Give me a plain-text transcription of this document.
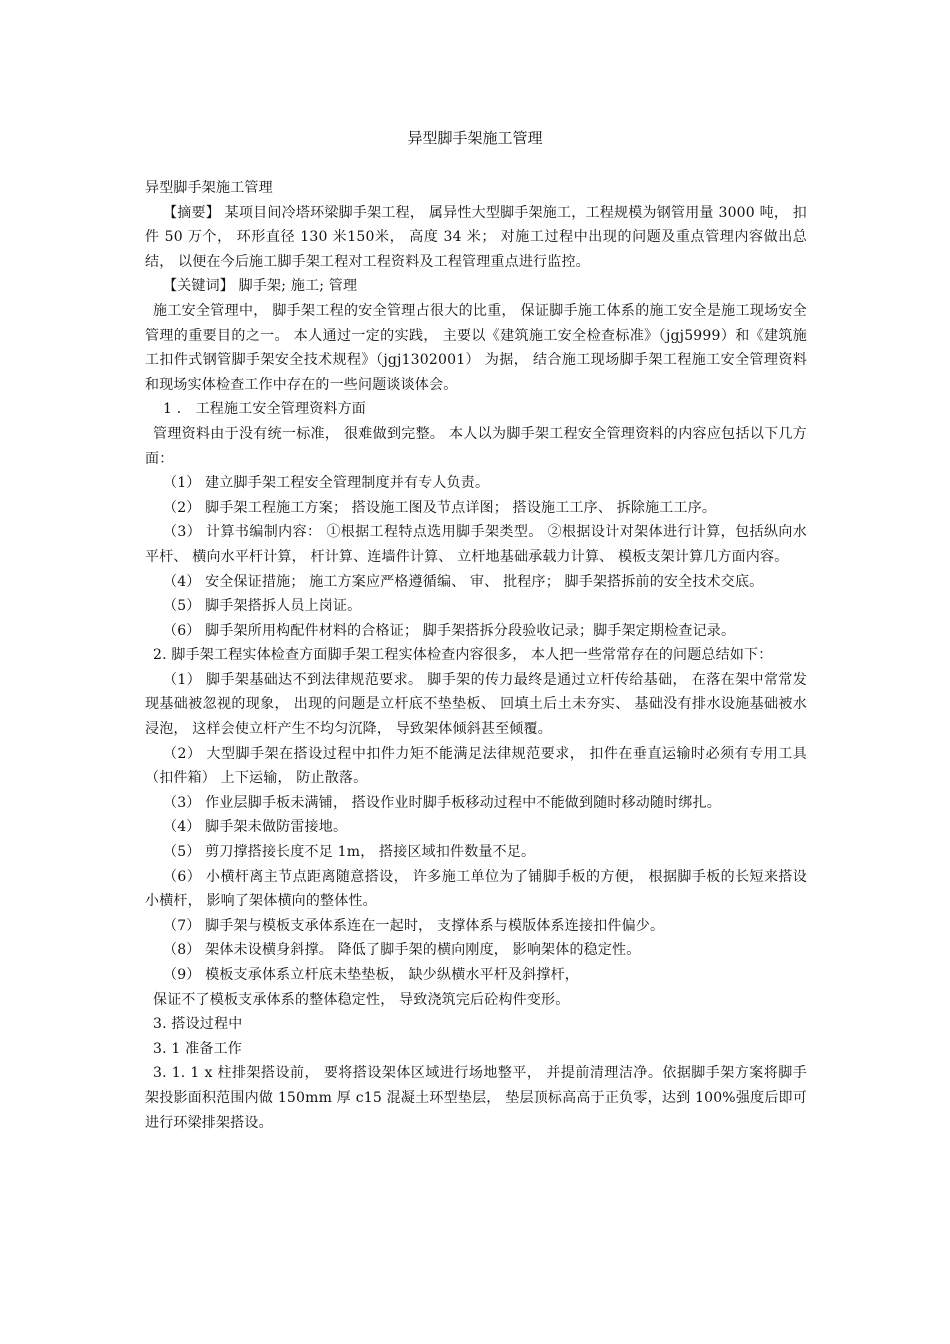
异型脚手架施工管理

异型脚手架施工管理

【摘要】 某项目间冷塔环梁脚手架工程， 属异性大型脚手架施工，工程规模为钢管用量 3000 吨， 扣件 50 万个， 环形直径 130 米150米， 高度 34 米； 对施工过程中出现的问题及重点管理内容做出总结， 以便在今后施工脚手架工程对工程资料及工程管理重点进行监控。

【关键词】 脚手架; 施工; 管理

施工安全管理中， 脚手架工程的安全管理占很大的比重， 保证脚手施工体系的施工安全是施工现场安全管理的重要目的之一。 本人通过一定的实践， 主要以《建筑施工安全检查标准》（jgj5999）和《建筑施工扣件式钢管脚手架安全技术规程》（jgj1302001） 为据， 结合施工现场脚手架工程施工安全管理资料和现场实体检查工作中存在的一些问题谈谈体会。

1 ． 工程施工安全管理资料方面

管理资料由于没有统一标准， 很难做到完整。 本人以为脚手架工程安全管理资料的内容应包括以下几方面：

（1） 建立脚手架工程安全管理制度并有专人负责。

（2） 脚手架工程施工方案； 搭设施工图及节点详图； 搭设施工工序、 拆除施工工序。

（3） 计算书编制内容： ①根据工程特点选用脚手架类型。 ②根据设计对架体进行计算，包括纵向水平杆、 横向水平杆计算， 杆计算、连墙件计算、 立杆地基础承载力计算、 模板支架计算几方面内容。

（4） 安全保证措施； 施工方案应严格遵循编、 审、 批程序； 脚手架搭拆前的安全技术交底。

（5） 脚手架搭拆人员上岗证。

（6） 脚手架所用构配件材料的合格证； 脚手架搭拆分段验收记录；脚手架定期检查记录。

2. 脚手架工程实体检查方面脚手架工程实体检查内容很多， 本人把一些常常存在的问题总结如下：

（1） 脚手架基础达不到法律规范要求。 脚手架的传力最终是通过立杆传给基础， 在落在架中常常发现基础被忽视的现象， 出现的问题是立杆底不垫垫板、 回填土后土未夯实、 基础没有排水设施基础被水浸泡， 这样会使立杆产生不均匀沉降， 导致架体倾斜甚至倾覆。

（2） 大型脚手架在搭设过程中扣件力矩不能满足法律规范要求， 扣件在垂直运输时必须有专用工具（扣件箱） 上下运输， 防止散落。

（3） 作业层脚手板未满铺， 搭设作业时脚手板移动过程中不能做到随时移动随时绑扎。

（4） 脚手架未做防雷接地。

（5） 剪刀撑搭接长度不足 1m， 搭接区域扣件数量不足。

（6） 小横杆离主节点距离随意搭设， 许多施工单位为了铺脚手板的方便， 根据脚手板的长短来搭设小横杆， 影响了架体横向的整体性。

（7） 脚手架与模板支承体系连在一起时， 支撑体系与模版体系连接扣件偏少。

（8） 架体未设横身斜撑。 降低了脚手架的横向刚度， 影响架体的稳定性。

（9） 模板支承体系立杆底未垫垫板， 缺少纵横水平杆及斜撑杆，

保证不了模板支承体系的整体稳定性， 导致浇筑完后砼构件变形。

3. 搭设过程中

3. 1 准备工作

3. 1. 1 x 柱排架搭设前， 要将搭设架体区域进行场地整平， 并提前清理洁净。依据脚手架方案将脚手架投影面积范围内做 150mm 厚 c15 混凝土环型垫层， 垫层顶标高高于正负零，达到 100%强度后即可进行环梁排架搭设。
